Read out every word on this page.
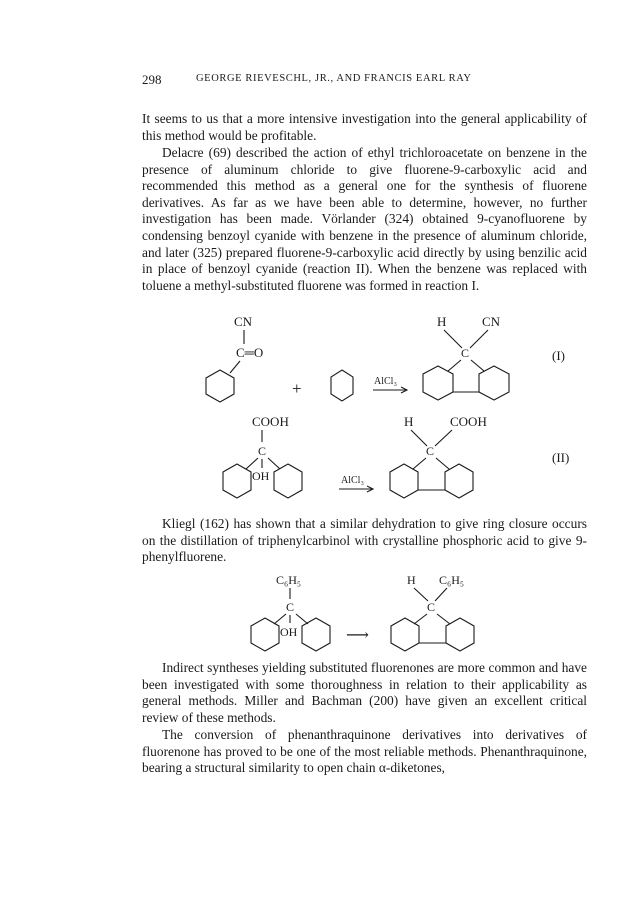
298	GEORGE RIEVESCHL, JR., AND FRANCIS EARL RAY

It seems to us that a more intensive investigation into the general applicability of this method would be profitable.

Delacre (69) described the action of ethyl trichloroacetate on benzene in the presence of aluminum chloride to give fluorene-9-carboxylic acid and recommended this method as a general one for the synthesis of fluorene derivatives. As far as we have been able to determine, however, no further investigation has been made. Vörlander (324) obtained 9-cyanofluorene by condensing benzoyl cyanide with benzene in the presence of aluminum chloride, and later (325) prepared fluorene-9-carboxylic acid directly by using benzilic acid in place of benzoyl cyanide (reaction II). When the benzene was replaced with toluene a methyl-substituted fluorene was formed in reaction I.

CN
C═O
+	AlCl₃
H	CN
C	(I)
COOH
C
OH	AlCl₃
H	COOH
C	(II)

Kliegl (162) has shown that a similar dehydration to give ring closure occurs on the distillation of triphenylcarbinol with crystalline phosphoric acid to give 9-phenylfluorene.

C₆H₅
C
OH	⟶
H C₆H₅
C

Indirect syntheses yielding substituted fluorenones are more common and have been investigated with some thoroughness in relation to their applicability as general methods. Miller and Bachman (200) have given an excellent critical review of these methods.

The conversion of phenanthraquinone derivatives into derivatives of fluorenone has proved to be one of the most reliable methods. Phenanthraquinone, bearing a structural similarity to open chain α-diketones,
